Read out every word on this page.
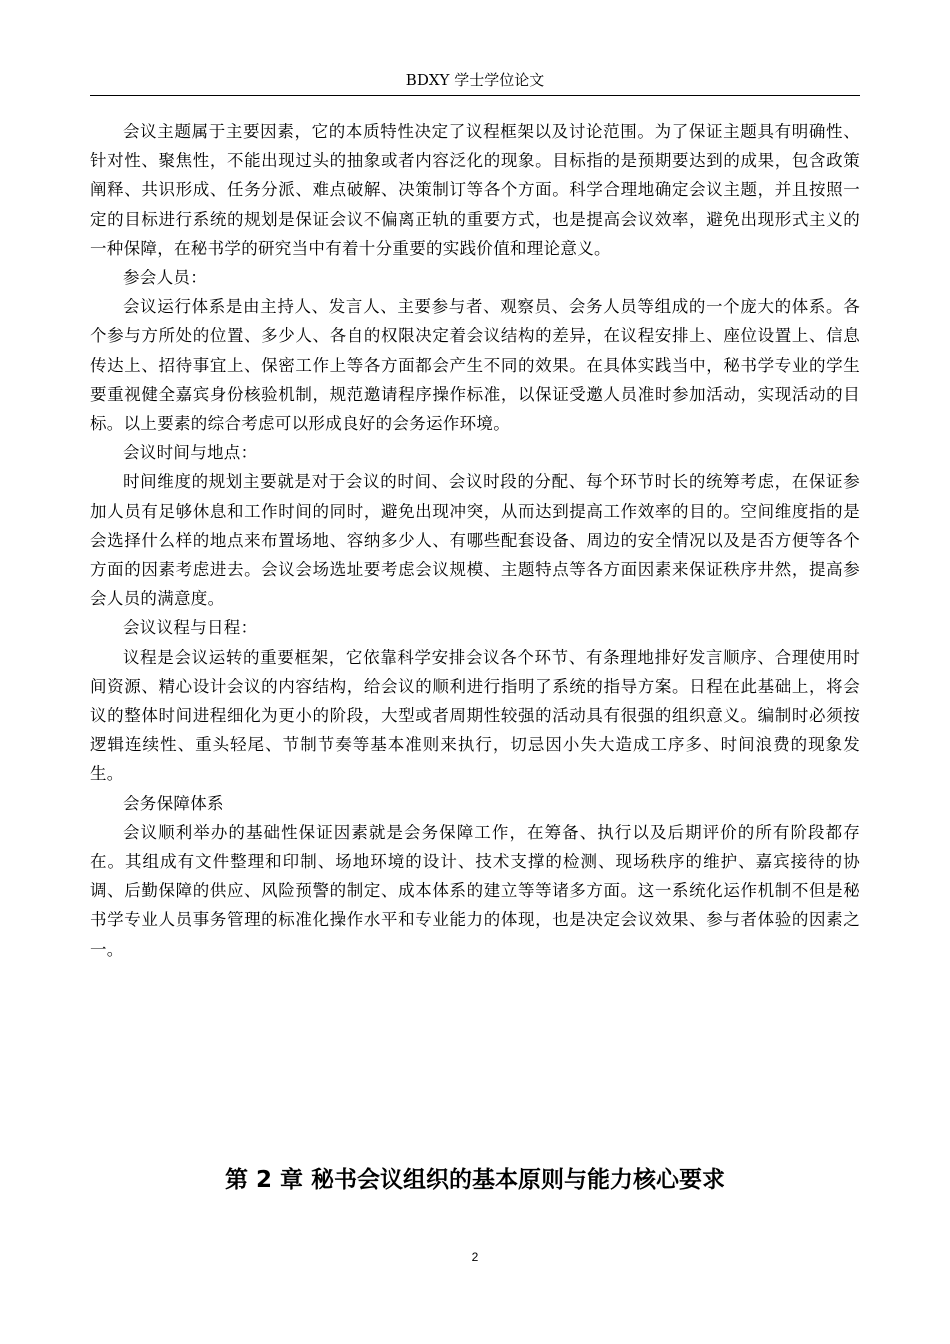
BDXY 学士学位论文

会议主题属于主要因素，它的本质特性决定了议程框架以及讨论范围。为了保证主题具有明确性、针对性、聚焦性，不能出现过头的抽象或者内容泛化的现象。目标指的是预期要达到的成果，包含政策阐释、共识形成、任务分派、难点破解、决策制订等各个方面。科学合理地确定会议主题，并且按照一定的目标进行系统的规划是保证会议不偏离正轨的重要方式，也是提高会议效率，避免出现形式主义的一种保障，在秘书学的研究当中有着十分重要的实践价值和理论意义。

参会人员：

会议运行体系是由主持人、发言人、主要参与者、观察员、会务人员等组成的一个庞大的体系。各个参与方所处的位置、多少人、各自的权限决定着会议结构的差异，在议程安排上、座位设置上、信息传达上、招待事宜上、保密工作上等各方面都会产生不同的效果。在具体实践当中，秘书学专业的学生要重视健全嘉宾身份核验机制，规范邀请程序操作标准，以保证受邀人员准时参加活动，实现活动的目标。以上要素的综合考虑可以形成良好的会务运作环境。

会议时间与地点：

时间维度的规划主要就是对于会议的时间、会议时段的分配、每个环节时长的统筹考虑，在保证参加人员有足够休息和工作时间的同时，避免出现冲突，从而达到提高工作效率的目的。空间维度指的是会选择什么样的地点来布置场地、容纳多少人、有哪些配套设备、周边的安全情况以及是否方便等各个方面的因素考虑进去。会议会场选址要考虑会议规模、主题特点等各方面因素来保证秩序井然，提高参会人员的满意度。

会议议程与日程：

议程是会议运转的重要框架，它依靠科学安排会议各个环节、有条理地排好发言顺序、合理使用时间资源、精心设计会议的内容结构，给会议的顺利进行指明了系统的指导方案。日程在此基础上，将会议的整体时间进程细化为更小的阶段，大型或者周期性较强的活动具有很强的组织意义。编制时必须按逻辑连续性、重头轻尾、节制节奏等基本准则来执行，切忌因小失大造成工序多、时间浪费的现象发生。

会务保障体系

会议顺利举办的基础性保证因素就是会务保障工作，在筹备、执行以及后期评价的所有阶段都存在。其组成有文件整理和印制、场地环境的设计、技术支撑的检测、现场秩序的维护、嘉宾接待的协调、后勤保障的供应、风险预警的制定、成本体系的建立等等诸多方面。这一系统化运作机制不但是秘书学专业人员事务管理的标准化操作水平和专业能力的体现，也是决定会议效果、参与者体验的因素之一。

第 2 章 秘书会议组织的基本原则与能力核心要求
2
